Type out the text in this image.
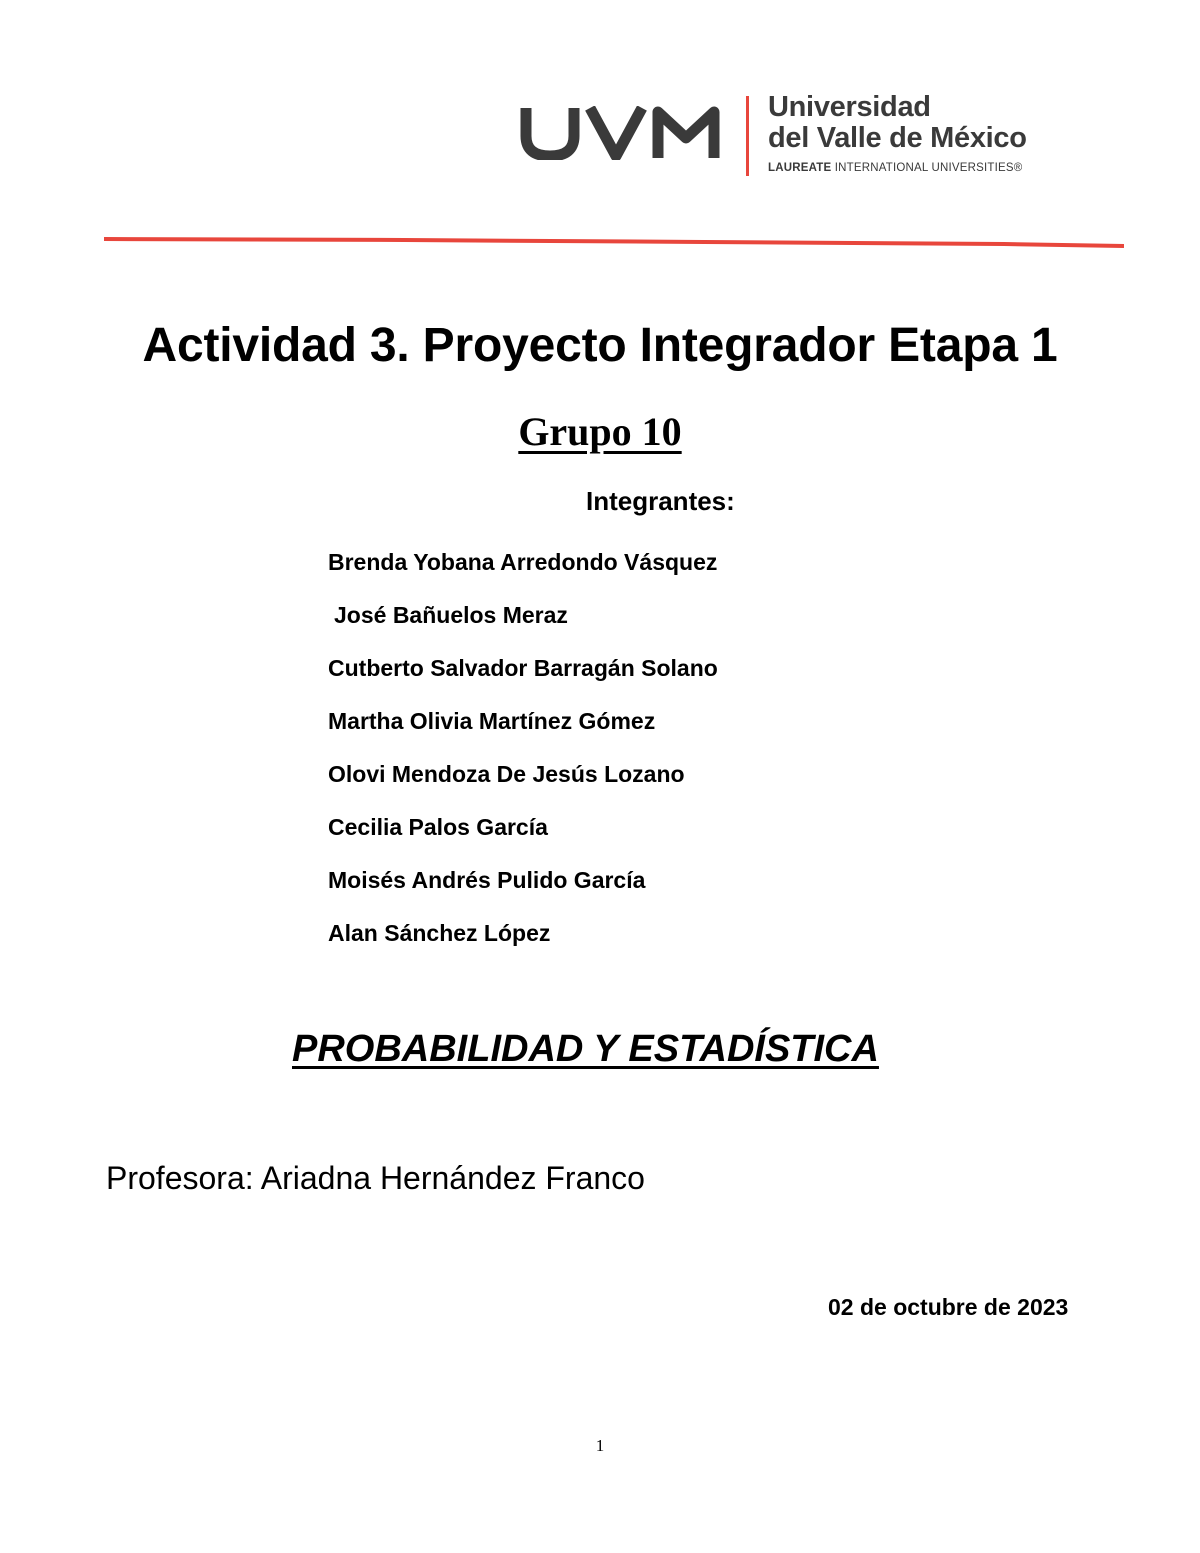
Universidad
del Valle de México
LAUREATE INTERNATIONAL UNIVERSITIES®
Actividad 3. Proyecto Integrador Etapa 1
Grupo 10
Integrantes:
Brenda Yobana Arredondo Vásquez
José Bañuelos Meraz
Cutberto Salvador Barragán Solano
Martha Olivia Martínez Gómez
Olovi Mendoza De Jesús Lozano
Cecilia Palos García
Moisés Andrés Pulido García
Alan Sánchez López
PROBABILIDAD Y ESTADÍSTICA
Profesora: Ariadna Hernández Franco
02 de octubre de 2023
1
